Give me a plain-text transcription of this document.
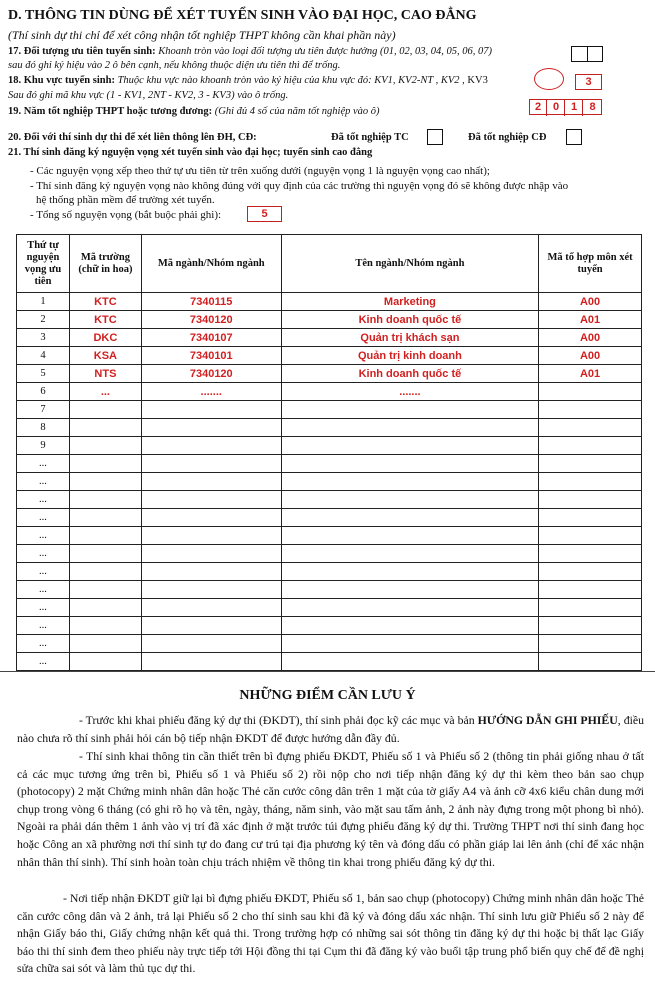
D. THÔNG TIN DÙNG ĐỂ XÉT TUYỂN SINH VÀO ĐẠI HỌC, CAO ĐẲNG
(Thí sinh dự thi chỉ để xét công nhận tốt nghiệp THPT không cần khai phần này)
17. Đối tượng ưu tiên tuyển sinh: Khoanh tròn vào loại đối tượng ưu tiên được hưởng (01, 02, 03, 04, 05, 06, 07)
sau đó ghi ký hiệu vào 2 ô bên cạnh, nếu không thuộc diện ưu tiên thì để trống.
18. Khu vực tuyển sinh: Thuộc khu vực nào khoanh tròn vào ký hiệu của khu vực đó: KV1, KV2-NT , KV2 , KV3	3
Sau đó ghi mã khu vực (1 - KV1, 2NT - KV2, 3 - KV3) vào ô trống.
19. Năm tốt nghiệp THPT hoặc tương đương: (Ghi đủ 4 số của năm tốt nghiệp vào ô)	2	0	1	8
20. Đối với thí sinh dự thi để xét liên thông lên ĐH, CĐ:	Đã tốt nghiệp TC	Đã tốt nghiệp CĐ
21. Thí sinh đăng ký nguyện vọng xét tuyển sinh vào đại học; tuyển sinh cao đẳng
- Các nguyện vọng xếp theo thứ tự ưu tiên từ trên xuống dưới (nguyện vọng 1 là nguyện vọng cao nhất);
- Thí sinh đăng ký nguyện vọng nào không đúng với quy định của các trường thì nguyện vọng đó sẽ không được nhập vào
hệ thống phần mềm để trường xét tuyển.
- Tổng số nguyện vọng (bắt buộc phải ghi):	5
Thứ tự nguyện vọng ưu tiên	Mã trường (chữ in hoa)	Mã ngành/Nhóm ngành	Tên ngành/Nhóm ngành	Mã tổ hợp môn xét tuyển
1	KTC	7340115	Marketing	A00
2	KTC	7340120	Kinh doanh quốc tế	A01
3	DKC	7340107	Quản trị khách sạn	A00
4	KSA	7340101	Quản trị kinh doanh	A00
5	NTS	7340120	Kinh doanh quốc tế	A01
6	...	.......	.......	
7				
8				
9				
...				
...				
...				
...				
...				
...				
...				
...				
...				
...				
...				
...				
NHỮNG ĐIỂM CẦN LƯU Ý
- Trước khi khai phiếu đăng ký dự thi (ĐKDT), thí sinh phải đọc kỹ các mục và bản HƯỚNG DẪN GHI PHIẾU, điều nào chưa rõ thí sinh phải hỏi cán bộ tiếp nhận ĐKDT để được hướng dẫn đầy đủ.
- Thí sinh khai thông tin cần thiết trên bì đựng phiếu ĐKDT, Phiếu số 1 và Phiếu số 2 (thông tin phải giống nhau ở tất cả các mục tương ứng trên bì, Phiếu số 1 và Phiếu số 2) rồi nộp cho nơi tiếp nhận đăng ký dự thi kèm theo bản sao chụp (photocopy) 2 mặt Chứng minh nhân dân hoặc Thẻ căn cước công dân trên 1 mặt của tờ giấy A4 và ảnh cỡ 4x6 kiểu chân dung mới chụp trong vòng 6 tháng (có ghi rõ họ và tên, ngày, tháng, năm sinh, vào mặt sau tấm ảnh, 2 ảnh này đựng trong một phong bì nhỏ). Ngoài ra phải dán thêm 1 ảnh vào vị trí đã xác định ở mặt trước túi đựng phiếu đăng ký dự thi. Trường THPT nơi thí sinh đang học hoặc Công an xã phường nơi thí sinh tự do đang cư trú tại địa phương ký tên và đóng dấu có phần giáp lai lên ảnh (chỉ để xác nhận nhân thân thí sinh). Thí sinh hoàn toàn chịu trách nhiệm về thông tin khai trong phiếu đăng ký dự thi.
- Nơi tiếp nhận ĐKDT giữ lại bì đựng phiếu ĐKDT, Phiếu số 1, bản sao chụp (photocopy) Chứng minh nhân dân hoặc Thẻ căn cước công dân và 2 ảnh, trả lại Phiếu số 2 cho thí sinh sau khi đã ký và đóng dấu xác nhận. Thí sinh lưu giữ Phiếu số 2 này để nhận Giấy báo thi, Giấy chứng nhận kết quả thi. Trong trường hợp có những sai sót thông tin đăng ký dự thi hoặc bị thất lạc Giấy báo thi thí sinh đem theo phiếu này trực tiếp tới Hội đồng thi tại Cụm thi đã đăng ký vào buổi tập trung phổ biến quy chế để đề nghị sửa chữa sai sót và làm thủ tục dự thi.
